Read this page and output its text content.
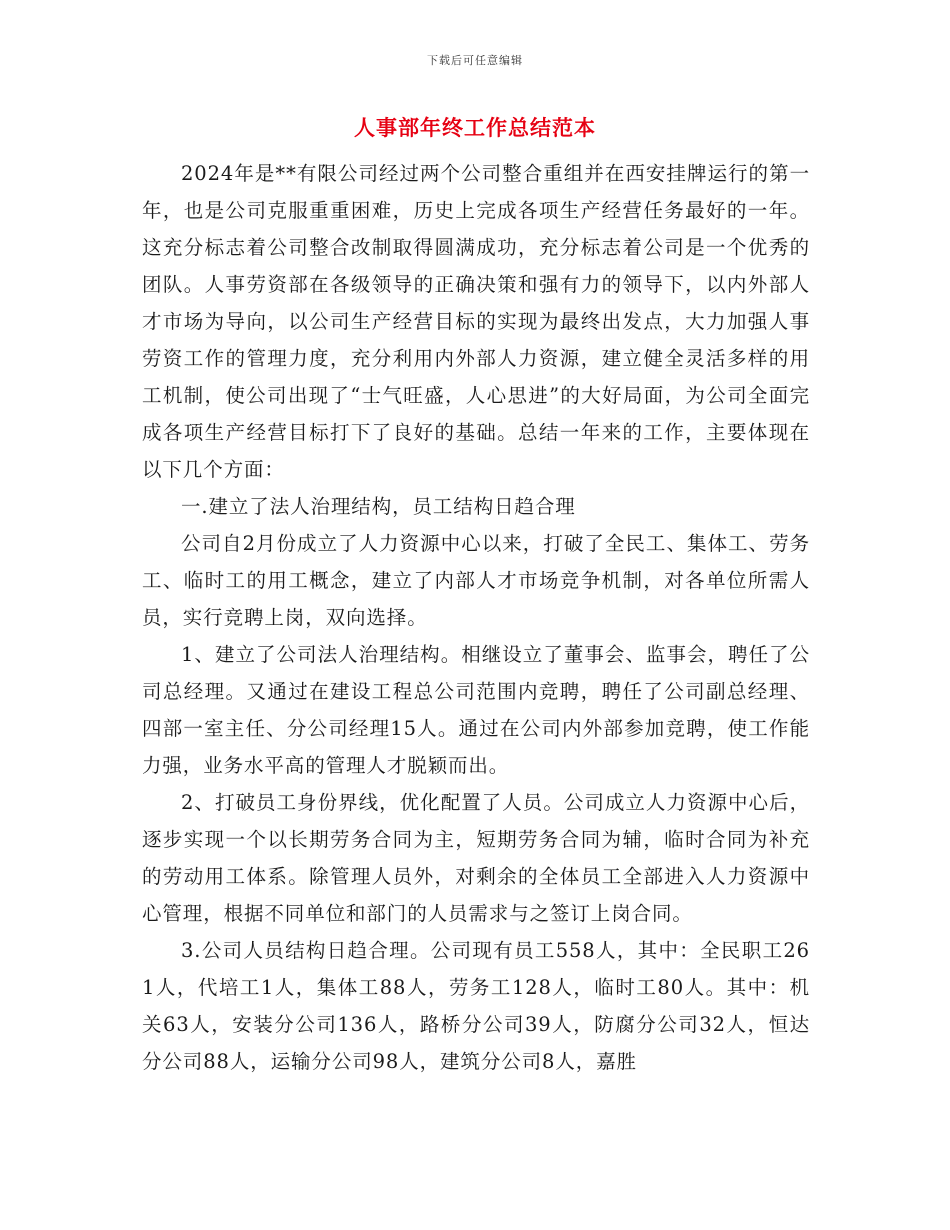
下载后可任意编辑
人事部年终工作总结范本

2024年是**有限公司经过两个公司整合重组并在西安挂牌运行的第一年，也是公司克服重重困难，历史上完成各项生产经营任务最好的一年。这充分标志着公司整合改制取得圆满成功，充分标志着公司是一个优秀的团队。人事劳资部在各级领导的正确决策和强有力的领导下，以内外部人才市场为导向，以公司生产经营目标的实现为最终出发点，大力加强人事劳资工作的管理力度，充分利用内外部人力资源，建立健全灵活多样的用工机制，使公司出现了“士气旺盛，人心思进”的大好局面，为公司全面完成各项生产经营目标打下了良好的基础。总结一年来的工作，主要体现在以下几个方面：

一.建立了法人治理结构，员工结构日趋合理

公司自2月份成立了人力资源中心以来，打破了全民工、集体工、劳务工、临时工的用工概念，建立了内部人才市场竞争机制，对各单位所需人员，实行竞聘上岗，双向选择。

1、建立了公司法人治理结构。相继设立了董事会、监事会，聘任了公司总经理。又通过在建设工程总公司范围内竞聘，聘任了公司副总经理、四部一室主任、分公司经理15人。通过在公司内外部参加竞聘，使工作能力强，业务水平高的管理人才脱颖而出。

2、打破员工身份界线，优化配置了人员。公司成立人力资源中心后，逐步实现一个以长期劳务合同为主，短期劳务合同为辅，临时合同为补充的劳动用工体系。除管理人员外，对剩余的全体员工全部进入人力资源中心管理，根据不同单位和部门的人员需求与之签订上岗合同。

3.公司人员结构日趋合理。公司现有员工558人，其中：全民职工261人，代培工1人，集体工88人，劳务工128人，临时工80人。其中：机关63人，安装分公司136人，路桥分公司39人，防腐分公司32人，恒达分公司88人，运输分公司98人，建筑分公司8人，嘉胜
